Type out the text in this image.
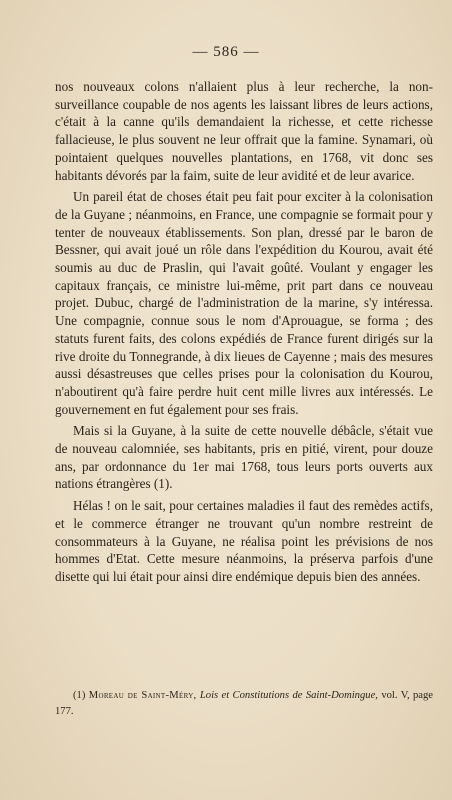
— 586 —

nos nouveaux colons n'allaient plus à leur recherche, la non-surveillance coupable de nos agents les laissant libres de leurs actions, c'était à la canne qu'ils demandaient la richesse, et cette richesse fallacieuse, le plus souvent ne leur offrait que la famine. Synamari, où pointaient quelques nouvelles plantations, en 1768, vit donc ses habitants dévorés par la faim, suite de leur avidité et de leur avarice.

Un pareil état de choses était peu fait pour exciter à la colonisation de la Guyane ; néanmoins, en France, une compagnie se formait pour y tenter de nouveaux établissements. Son plan, dressé par le baron de Bessner, qui avait joué un rôle dans l'expédition du Kourou, avait été soumis au duc de Praslin, qui l'avait goûté. Voulant y engager les capitaux français, ce ministre lui-même, prit part dans ce nouveau projet. Dubuc, chargé de l'administration de la marine, s'y intéressa. Une compagnie, connue sous le nom d'Aprouague, se forma ; des statuts furent faits, des colons expédiés de France furent dirigés sur la rive droite du Tonnegrande, à dix lieues de Cayenne ; mais des mesures aussi désastreuses que celles prises pour la colonisation du Kourou, n'aboutirent qu'à faire perdre huit cent mille livres aux intéressés. Le gouvernement en fut également pour ses frais.

Mais si la Guyane, à la suite de cette nouvelle débâcle, s'était vue de nouveau calomniée, ses habitants, pris en pitié, virent, pour douze ans, par ordonnance du 1er mai 1768, tous leurs ports ouverts aux nations étrangères (1).

Hélas ! on le sait, pour certaines maladies il faut des remèdes actifs, et le commerce étranger ne trouvant qu'un nombre restreint de consommateurs à la Guyane, ne réalisa point les prévisions de nos hommes d'Etat. Cette mesure néanmoins, la préserva parfois d'une disette qui lui était pour ainsi dire endémique depuis bien des années.

(1) Moreau de Saint-Méry, Lois et Constitutions de Saint-Domingue, vol. V, page 177.
